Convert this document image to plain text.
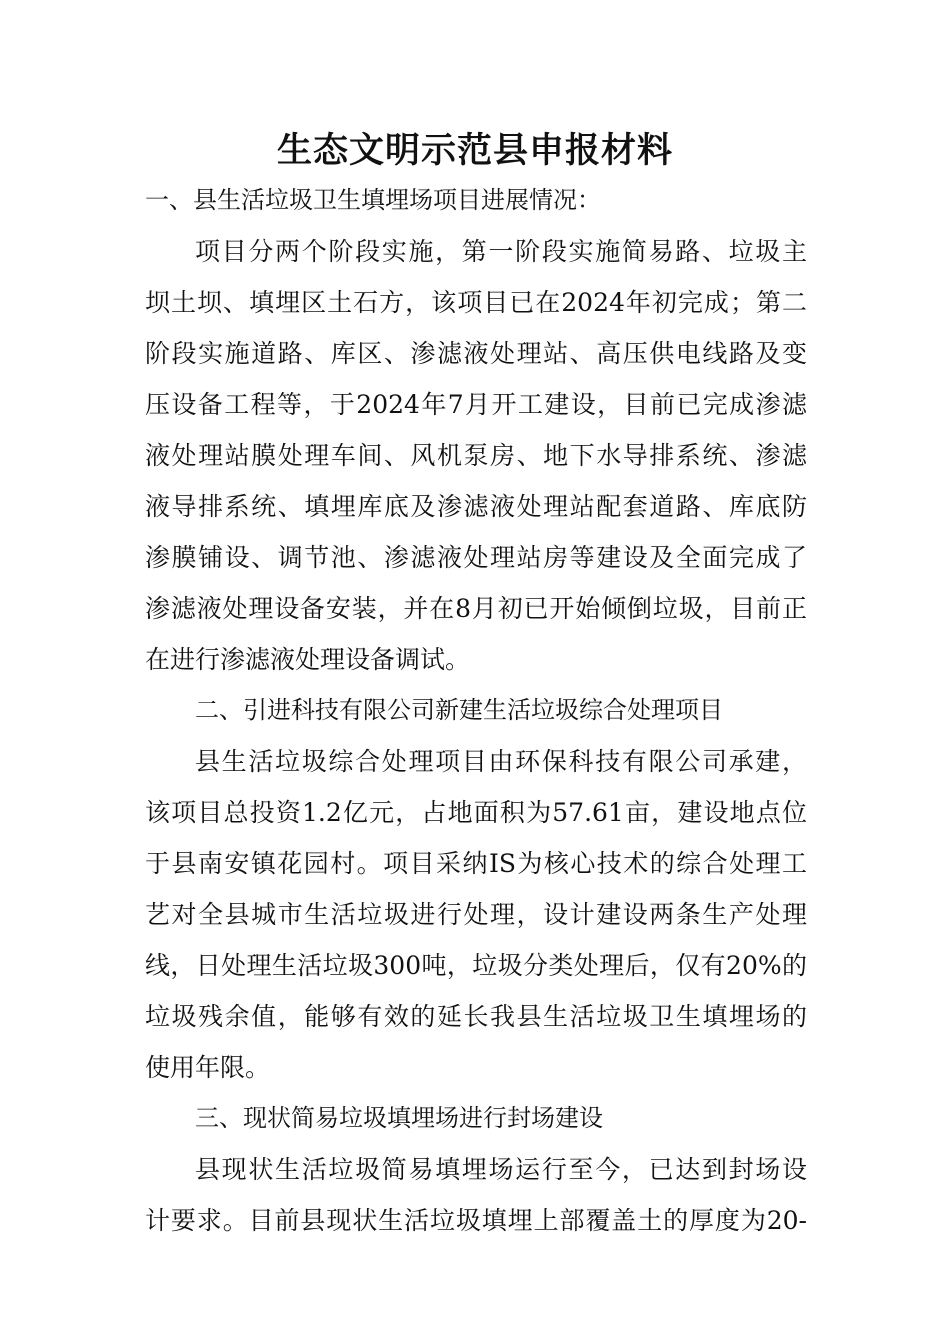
生态文明示范县申报材料
一、县生活垃圾卫生填埋场项目进展情况：
项目分两个阶段实施，第一阶段实施简易路、垃圾主
坝土坝、填埋区土石方，该项目已在2024年初完成；第二
阶段实施道路、库区、渗滤液处理站、高压供电线路及变
压设备工程等，于2024年7月开工建设，目前已完成渗滤
液处理站膜处理车间、风机泵房、地下水导排系统、渗滤
液导排系统、填埋库底及渗滤液处理站配套道路、库底防
渗膜铺设、调节池、渗滤液处理站房等建设及全面完成了
渗滤液处理设备安装，并在8月初已开始倾倒垃圾，目前正
在进行渗滤液处理设备调试。
二、引进科技有限公司新建生活垃圾综合处理项目
县生活垃圾综合处理项目由环保科技有限公司承建，
该项目总投资1.2亿元，占地面积为57.61亩，建设地点位
于县南安镇花园村。项目采纳IS为核心技术的综合处理工
艺对全县城市生活垃圾进行处理，设计建设两条生产处理
线，日处理生活垃圾300吨，垃圾分类处理后，仅有20%的
垃圾残余值，能够有效的延长我县生活垃圾卫生填埋场的
使用年限。
三、现状简易垃圾填埋场进行封场建设
县现状生活垃圾简易填埋场运行至今，已达到封场设
计要求。目前县现状生活垃圾填埋上部覆盖土的厚度为20-
